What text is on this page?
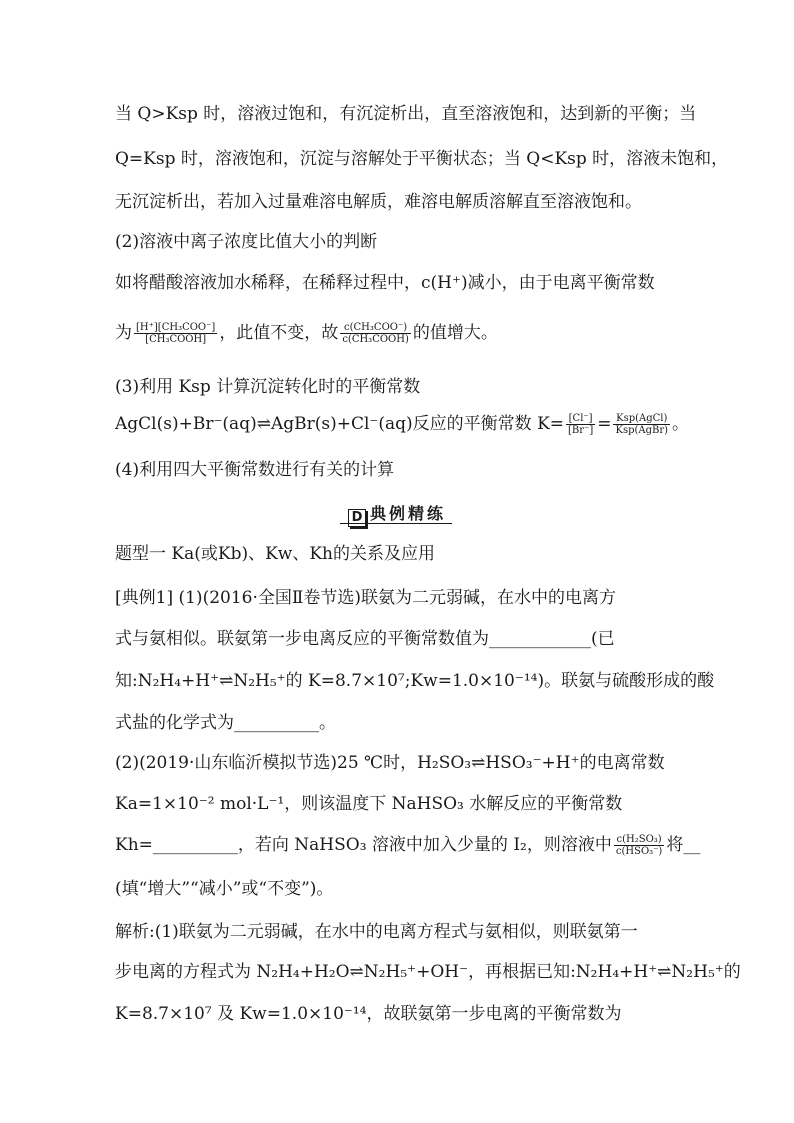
当 Q>Ksp 时，溶液过饱和，有沉淀析出，直至溶液饱和，达到新的平衡；当
Q=Ksp 时，溶液饱和，沉淀与溶解处于平衡状态；当 Q<Ksp 时，溶液未饱和，
无沉淀析出，若加入过量难溶电解质，难溶电解质溶解直至溶液饱和。
(2)溶液中离子浓度比值大小的判断
如将醋酸溶液加水稀释，在稀释过程中，c(H⁺)减小，由于电离平衡常数
为 $\frac{\text{[H⁺][CH₃COO⁻]}}{\text{[CH₃COOH]}}$ ，此值不变，故 $\frac{\text{c(CH₃COO⁻)}}{\text{c(CH₃COOH)}}$ 的值增大。
(3)利用 Ksp 计算沉淀转化时的平衡常数
AgCl(s)+Br⁻(aq)⇌AgBr(s)+Cl⁻(aq)反应的平衡常数 $K= \frac{[Cl^-]}{[Br^-]} = \frac{\text{Ksp(AgCl)}}{\text{Ksp(AgBr)}}$ 。
(4)利用四大平衡常数进行有关的计算
D 典例精练
题型一 Ka(或Kb)、Kw、Kh的关系及应用
[典例1] (1)(2016·全国Ⅱ卷节选)联氨为二元弱碱，在水中的电离方
式与氨相似。联氨第一步电离反应的平衡常数值为____________(已
知:N₂H₄+H⁺⇌N₂H₅⁺的 K=8.7×10⁷;Kw=1.0×10⁻¹⁴)。联氨与硫酸形成的酸
式盐的化学式为__________。
(2)(2019·山东临沂模拟节选)25 ℃时，H₂SO₃⇌HSO₃⁻+H⁺的电离常数
Ka=1×10⁻² mol·L⁻¹，则该温度下 NaHSO₃ 水解反应的平衡常数
Kh=__________，若向 NaHSO₃ 溶液中加入少量的 I₂，则溶液中 $\frac{\text{c(H₂SO₃)}}{\text{c(HSO₃⁻)}}$ 将__
(填“增大”“减小”或“不变”)。
解析:(1)联氨为二元弱碱，在水中的电离方程式与氨相似，则联氨第一
步电离的方程式为 N₂H₄+H₂O⇌N₂H₅⁺+OH⁻，再根据已知:N₂H₄+H⁺⇌N₂H₅⁺的
K=8.7×10⁷ 及 Kw=1.0×10⁻¹⁴，故联氨第一步电离的平衡常数为
